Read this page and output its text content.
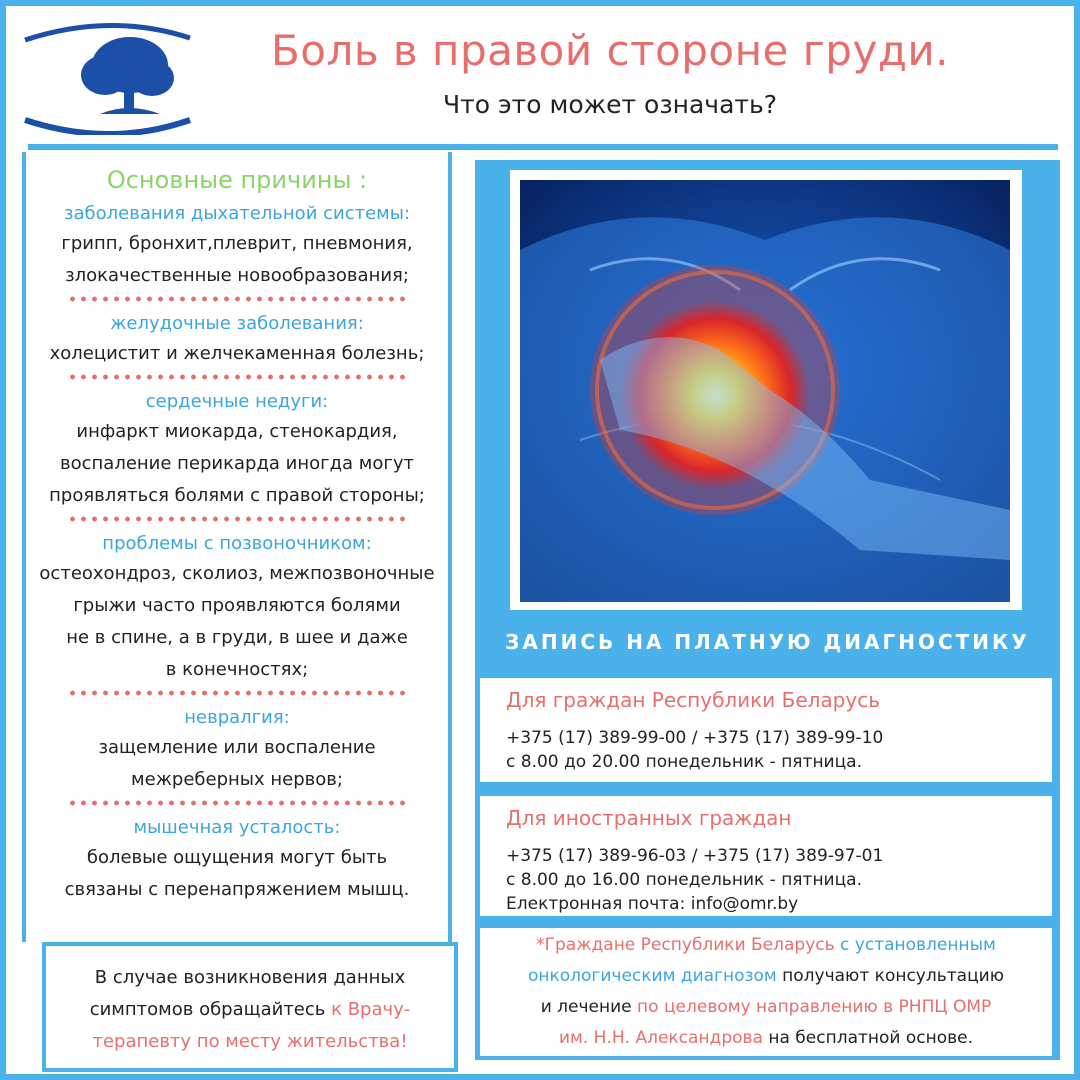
Боль в правой стороне груди.
Что это может означать?
Основные причины :
заболевания дыхательной системы:
грипп, бронхит,плеврит, пневмония,
злокачественные новообразования;
желудочные заболевания:
холецистит и желчекаменная болезнь;
сердечные недуги:
инфаркт миокарда, стенокардия,
воспаление перикарда иногда могут
проявляться болями с правой стороны;
проблемы с позвоночником:
остеохондроз, сколиоз, межпозвоночные
грыжи часто проявляются болями
не в спине, а в груди, в шее и даже
в конечностях;
невралгия:
защемление или воспаление
межреберных нервов;
мышечная усталость:
болевые ощущения могут быть
связаны с перенапряжением мышц.
В случае возникновения данных
симптомов обращайтесь к Врачу-
терапевту по месту жительства!
ЗАПИСЬ НА ПЛАТНУЮ ДИАГНОСТИКУ
Для граждан Республики Беларусь
+375 (17) 389-99-00 / +375 (17) 389-99-10
с 8.00 до 20.00 понедельник - пятница.
Для иностранных граждан
+375 (17) 389-96-03 / +375 (17) 389-97-01
с 8.00 до 16.00 понедельник - пятница.
Електронная почта: info@omr.by
*Граждане Республики Беларусь с установленным
онкологическим диагнозом получают консультацию
и лечение по целевому направлению в РНПЦ ОМР
им. Н.Н. Александрова на бесплатной основе.
